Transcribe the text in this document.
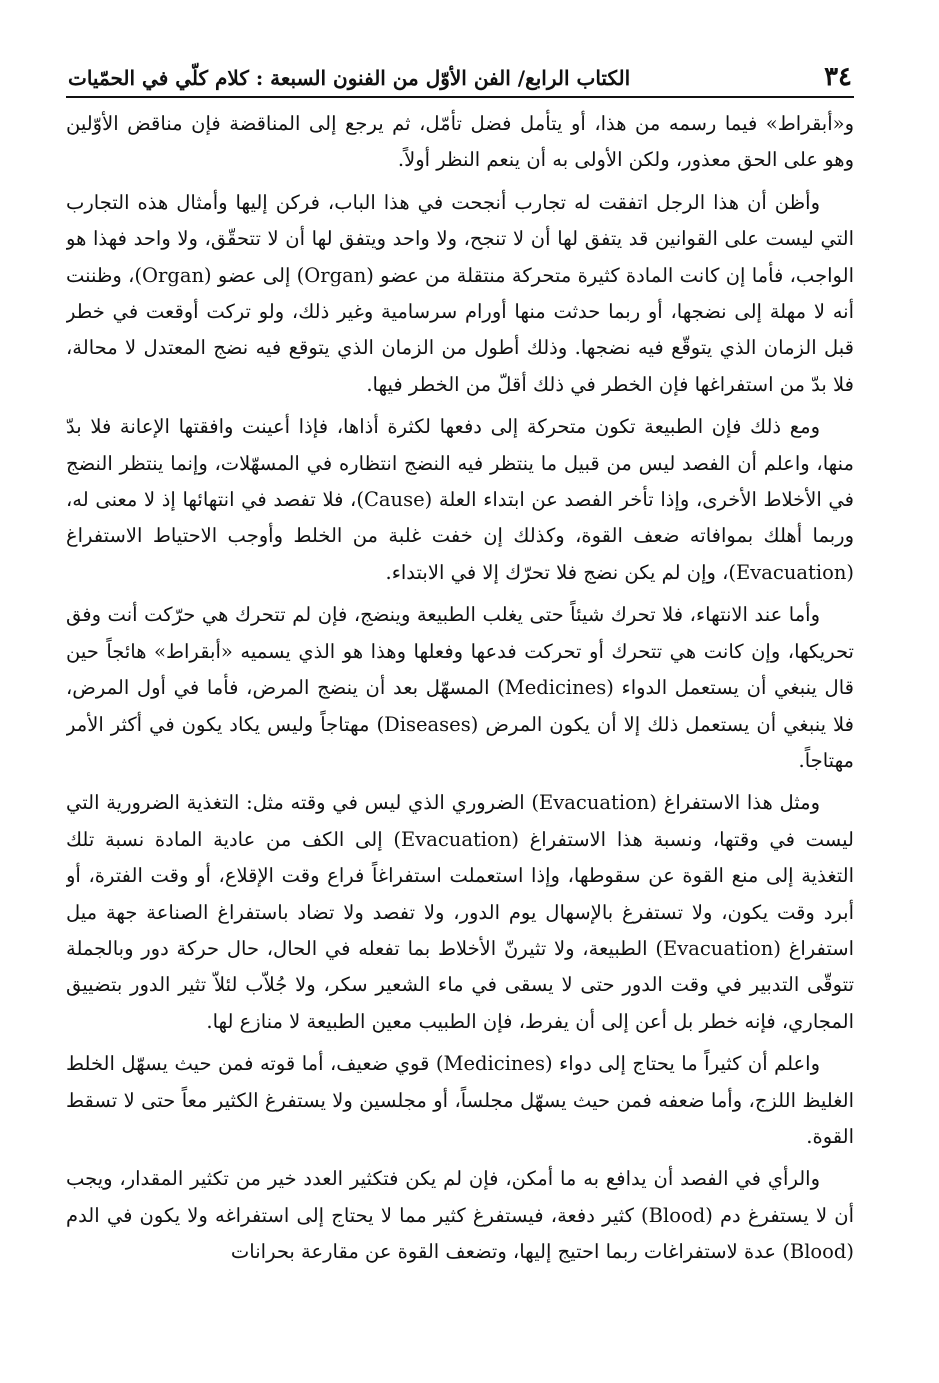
٣٤
الكتاب الرابع/ الفن الأوّل من الفنون السبعة : كلام كلّي في الحمّيات

و«أبقراط» فيما رسمه من هذا، أو يتأمل فضل تأمّل، ثم يرجع إلى المناقضة فإن مناقض الأوّلين وهو على الحق معذور، ولكن الأولى به أن ينعم النظر أولاً.

وأظن أن هذا الرجل اتفقت له تجارب أنجحت في هذا الباب، فركن إليها وأمثال هذه التجارب التي ليست على القوانين قد يتفق لها أن لا تنجح، ولا واحد ويتفق لها أن لا تتحقّق، ولا واحد فهذا هو الواجب، فأما إن كانت المادة كثيرة متحركة منتقلة من عضو (Organ) إلى عضو (Organ)، وظننت أنه لا مهلة إلى نضجها، أو ربما حدثت منها أورام سرسامية وغير ذلك، ولو تركت أوقعت في خطر قبل الزمان الذي يتوقّع فيه نضجها. وذلك أطول من الزمان الذي يتوقع فيه نضج المعتدل لا محالة، فلا بدّ من استفراغها فإن الخطر في ذلك أقلّ من الخطر فيها.

ومع ذلك فإن الطبيعة تكون متحركة إلى دفعها لكثرة أذاها، فإذا أعينت وافقتها الإعانة فلا بدّ منها، واعلم أن الفصد ليس من قبيل ما ينتظر فيه النضج انتظاره في المسهّلات، وإنما ينتظر النضج في الأخلاط الأخرى، وإذا تأخر الفصد عن ابتداء العلة (Cause)، فلا تفصد في انتهائها إذ لا معنى له، وربما أهلك بموافاته ضعف القوة، وكذلك إن خفت غلبة من الخلط وأوجب الاحتياط الاستفراغ (Evacuation)، وإن لم يكن نضج فلا تحرّك إلا في الابتداء.

وأما عند الانتهاء، فلا تحرك شيئاً حتى يغلب الطبيعة وينضج، فإن لم تتحرك هي حرّكت أنت وفق تحريكها، وإن كانت هي تتحرك أو تحركت فدعها وفعلها وهذا هو الذي يسميه «أبقراط» هائجاً حين قال ينبغي أن يستعمل الدواء (Medicines) المسهّل بعد أن ينضج المرض، فأما في أول المرض، فلا ينبغي أن يستعمل ذلك إلا أن يكون المرض (Diseases) مهتاجاً وليس يكاد يكون في أكثر الأمر مهتاجاً.

ومثل هذا الاستفراغ (Evacuation) الضروري الذي ليس في وقته مثل: التغذية الضرورية التي ليست في وقتها، ونسبة هذا الاستفراغ (Evacuation) إلى الكف من عادية المادة نسبة تلك التغذية إلى منع القوة عن سقوطها، وإذا استعملت استفراغاً فراع وقت الإقلاع، أو وقت الفترة، أو أبرد وقت يكون، ولا تستفرغ بالإسهال يوم الدور، ولا تفصد ولا تضاد باستفراغ الصناعة جهة ميل استفراغ (Evacuation) الطبيعة، ولا تثيرنّ الأخلاط بما تفعله في الحال، حال حركة دور وبالجملة تتوقّى التدبير في وقت الدور حتى لا يسقى في ماء الشعير سكر، ولا جُلاّب لئلاّ تثير الدور بتضييق المجاري، فإنه خطر بل أعن إلى أن يفرط، فإن الطبيب معين الطبيعة لا منازع لها.

واعلم أن كثيراً ما يحتاج إلى دواء (Medicines) قوي ضعيف، أما قوته فمن حيث يسهّل الخلط الغليظ اللزج، وأما ضعفه فمن حيث يسهّل مجلساً، أو مجلسين ولا يستفرغ الكثير معاً حتى لا تسقط القوة.

والرأي في الفصد أن يدافع به ما أمكن، فإن لم يكن فتكثير العدد خير من تكثير المقدار، ويجب أن لا يستفرغ دم (Blood) كثير دفعة، فيستفرغ كثير مما لا يحتاج إلى استفراغه ولا يكون في الدم (Blood) عدة لاستفراغات ربما احتيج إليها، وتضعف القوة عن مقارعة بحرانات
